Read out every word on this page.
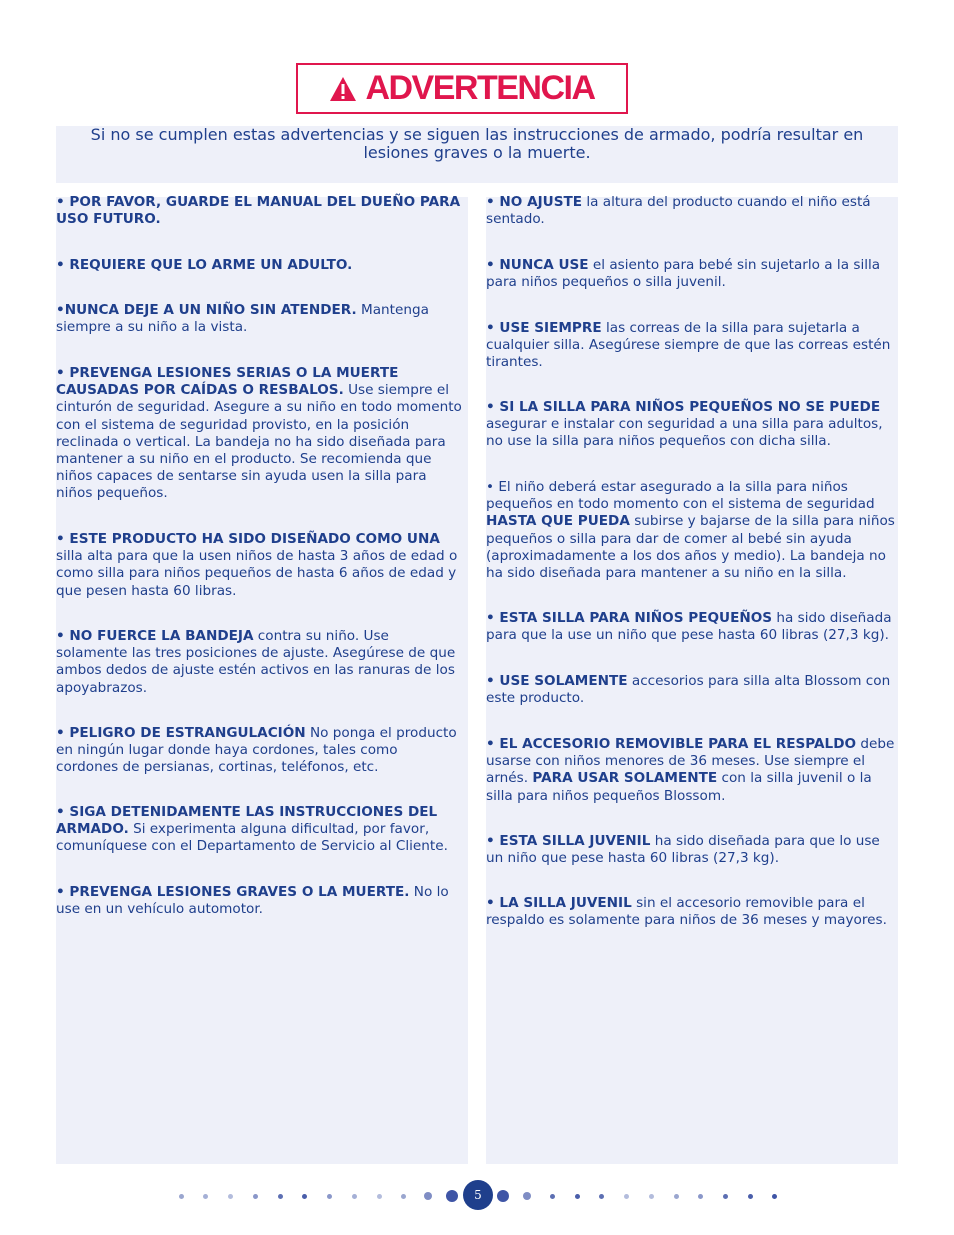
ADVERTENCIA

Si no se cumplen estas advertencias y se siguen las instrucciones de armado, podría resultar en lesiones graves o la muerte.

• POR FAVOR, GUARDE EL MANUAL DEL DUEÑO PARA USO FUTURO.

• REQUIERE QUE LO ARME UN ADULTO.

•NUNCA DEJE A UN NIÑO SIN ATENDER. Mantenga siempre a su niño a la vista.

• PREVENGA LESIONES SERIAS O LA MUERTE CAUSADAS POR CAÍDAS O RESBALOS. Use siempre el cinturón de seguridad. Asegure a su niño en todo momento con el sistema de seguridad provisto, en la posición reclinada o vertical. La bandeja no ha sido diseñada para mantener a su niño en el producto. Se recomienda que niños capaces de sentarse sin ayuda usen la silla para niños pequeños.

• ESTE PRODUCTO HA SIDO DISEÑADO COMO UNA silla alta para que la usen niños de hasta 3 años de edad o como silla para niños pequeños de hasta 6 años de edad y que pesen hasta 60 libras.

• NO FUERCE LA BANDEJA contra su niño. Use solamente las tres posiciones de ajuste. Asegúrese de que ambos dedos de ajuste estén activos en las ranuras de los apoyabrazos.

• PELIGRO DE ESTRANGULACIÓN No ponga el producto en ningún lugar donde haya cordones, tales como cordones de persianas, cortinas, teléfonos, etc.

• SIGA DETENIDAMENTE LAS INSTRUCCIONES DEL ARMADO. Si experimenta alguna dificultad, por favor, comuníquese con el Departamento de Servicio al Cliente.

• PREVENGA LESIONES GRAVES O LA MUERTE. No lo use en un vehículo automotor.

• NO AJUSTE la altura del producto cuando el niño está sentado.

• NUNCA USE el asiento para bebé sin sujetarlo a la silla para niños pequeños o silla juvenil.

• USE SIEMPRE las correas de la silla para sujetarla a cualquier silla. Asegúrese siempre de que las correas estén tirantes.

• SI LA SILLA PARA NIÑOS PEQUEÑOS NO SE PUEDE asegurar e instalar con seguridad a una silla para adultos, no use la silla para niños pequeños con dicha silla.

• El niño deberá estar asegurado a la silla para niños pequeños en todo momento con el sistema de seguridad HASTA QUE PUEDA subirse y bajarse de la silla para niños pequeños o silla para dar de comer al bebé sin ayuda (aproximadamente a los dos años y medio). La bandeja no ha sido diseñada para mantener a su niño en la silla.

• ESTA SILLA PARA NIÑOS PEQUEÑOS ha sido diseñada para que la use un niño que pese hasta 60 libras (27,3 kg).

• USE SOLAMENTE accesorios para silla alta Blossom con este producto.

• EL ACCESORIO REMOVIBLE PARA EL RESPALDO debe usarse con niños menores de 36 meses. Use siempre el arnés. PARA USAR SOLAMENTE con la silla juvenil o la silla para niños pequeños Blossom.

• ESTA SILLA JUVENIL ha sido diseñada para que lo use un niño que pese hasta 60 libras (27,3 kg).

• LA SILLA JUVENIL sin el accesorio removible para el respaldo es solamente para niños de 36 meses y mayores.

5
